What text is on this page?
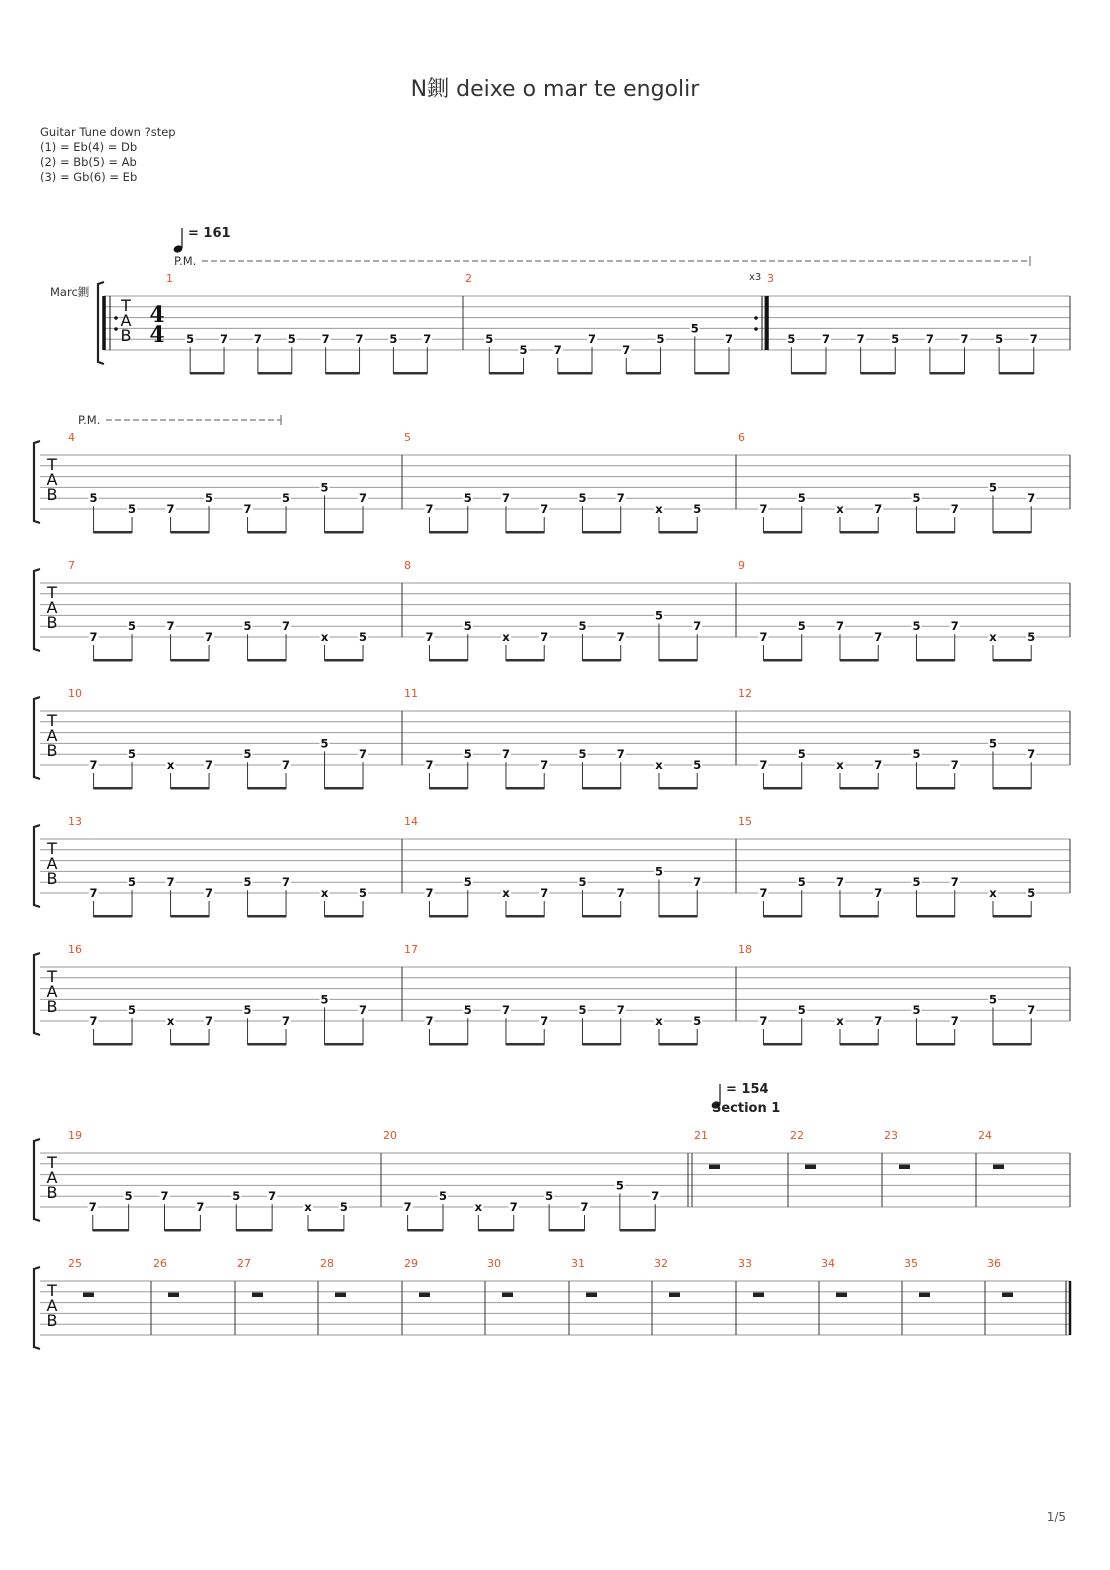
N鍘 deixe o mar te engolir
Guitar Tune down ?step
(1) = Eb(4) = Db
(2) = Bb(5) = Ab
(3) = Gb(6) = Eb
T
A
B
4
4
Marc鍘
1
5 7 7 5 7 7 5 7
2
5
5 7
7
7
5
5
7
3
5 7 7 5 7 7 5 7
x3
T
A
B
4
5
5	7
5
7
5
5
7
5
7
5	7
7
5	7
x	5
6
7
5
x	7
5
7
5
7
T
A
B
7
7
5	7
7
5	7
x	5
8
7
5
x	7
5
7
5
7
9
7
5	7
7
5	7
x	5
T
A
B
10
7
5
x	7
5
7
5
7
11
7
5	7
7
5	7
x	5
12
7
5
x	7
5
7
5
7
T
A
B
13
7
5	7
7
5	7
x	5
14
7
5
x	7
5
7
5
7
15
7
5	7
7
5	7
x	5
T
A
B
16
7
5
x	7
5
7
5
7
17
7
5	7
7
5	7
x	5
18
7
5
x	7
5
7
5
7
T
A
B
19
7
5 7
7
5 7
x 5
20
7
5
x 7
5
7
5
7
21	22	23	24
T
A
B
25	26	27	28	29	30	31	32	33	34	35	36
= 161
= 154
P.M.
P.M.
Section 1
1/5
